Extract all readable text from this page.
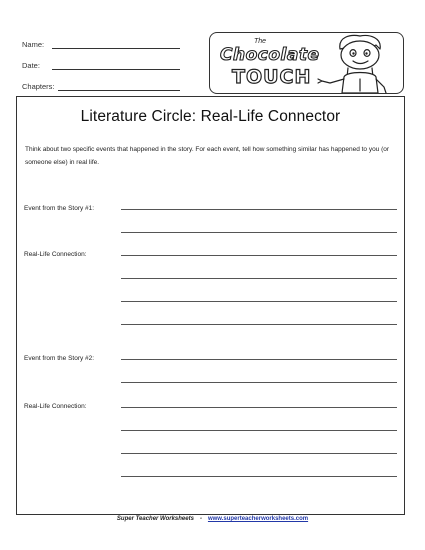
Name:
Date:
Chapters:
The
Chocolate
TOUCH
Literature Circle: Real-Life Connector
Think about two specific events that happened in the story. For each event, tell how something similar has happened to you (or someone else) in real life.
Event from the Story #1:
Real-Life Connection:
Event from the Story #2:
Real-Life Connection:
Super Teacher Worksheets - www.superteacherworksheets.com
